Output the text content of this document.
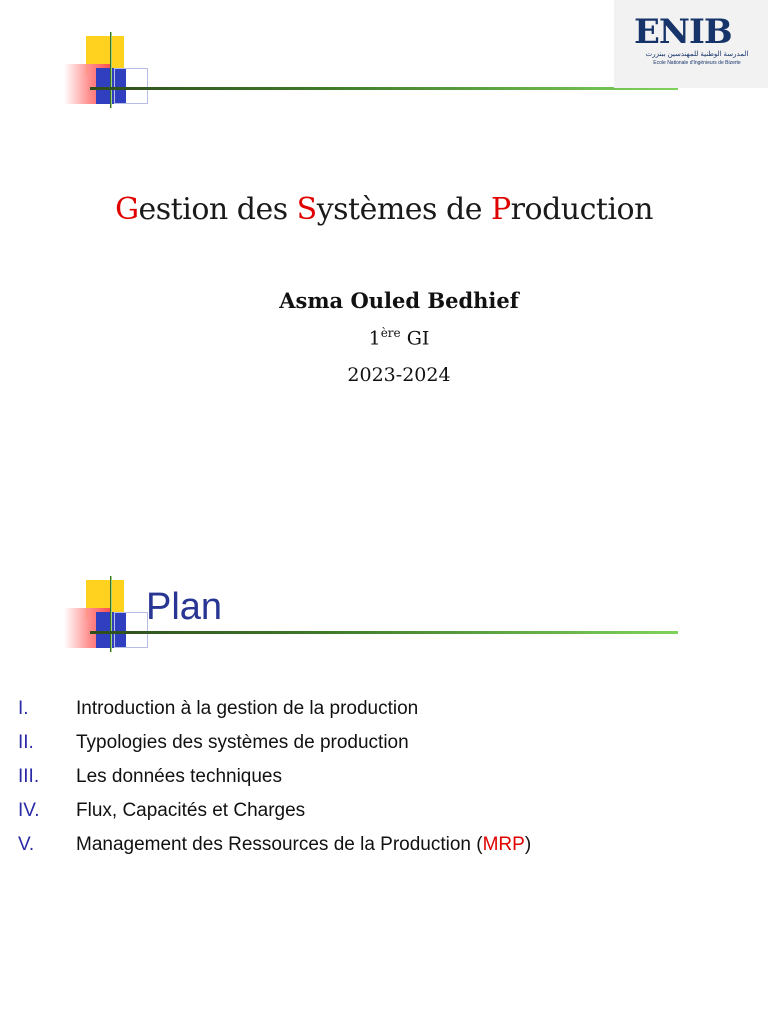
ENIB
المدرسة الوطنية للمهندسين ببنزرت
Ecole Nationale d'Ingénieurs de Bizerte
Gestion des Systèmes de Production
Asma Ouled Bedhief
1ère GI
2023-2024
Plan
I. Introduction à la gestion de la production
II. Typologies des systèmes de production
III. Les données techniques
IV. Flux, Capacités et Charges
V. Management des Ressources de la Production (MRP)
